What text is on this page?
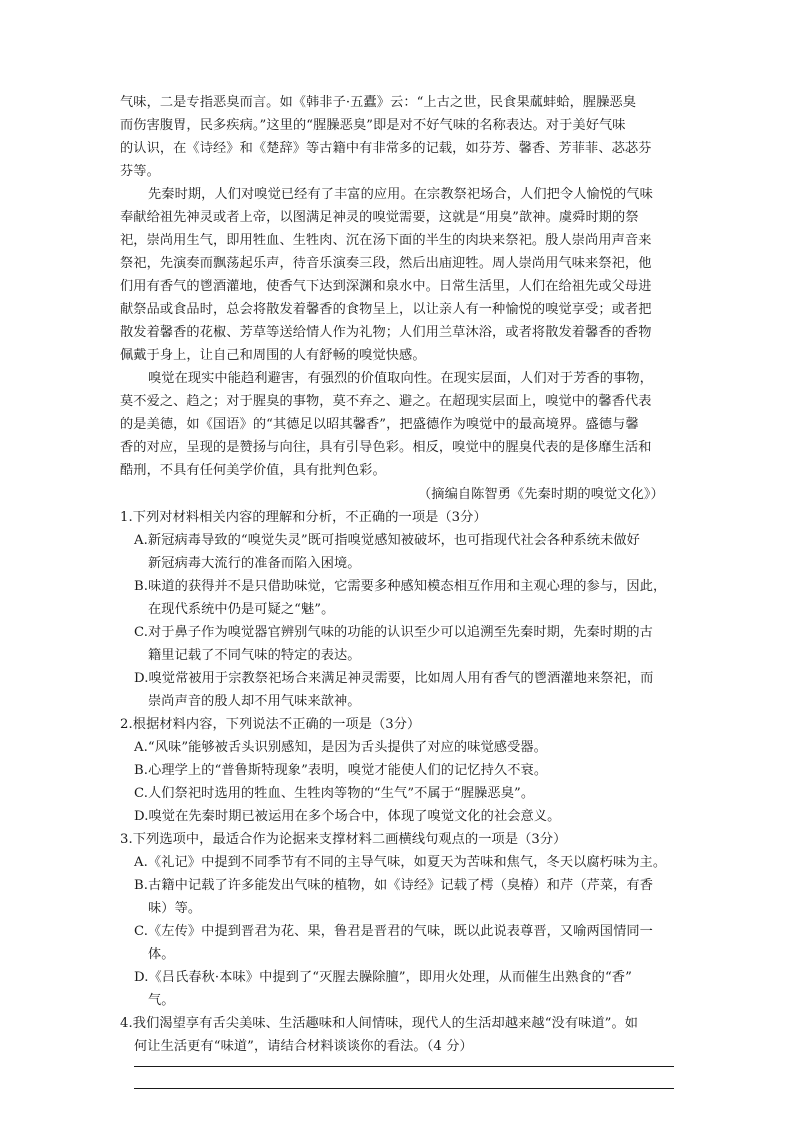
气味，二是专指恶臭而言。如《韩非子·五蠹》云：“上古之世，民食果蓏蚌蛤，腥臊恶臭
而伤害腹胃，民多疾病。”这里的“腥臊恶臭”即是对不好气味的名称表达。对于美好气味
的认识，在《诗经》和《楚辞》等古籍中有非常多的记载，如芬芳、馨香、芳菲菲、苾苾芬
芬等。
先秦时期，人们对嗅觉已经有了丰富的应用。在宗教祭祀场合，人们把令人愉悦的气味
奉献给祖先神灵或者上帝，以图满足神灵的嗅觉需要，这就是“用臭”歆神。虞舜时期的祭
祀，崇尚用生气，即用牲血、生牲肉、沉在汤下面的半生的肉块来祭祀。殷人崇尚用声音来
祭祀，先演奏而飘荡起乐声，待音乐演奏三段，然后出庙迎牲。周人崇尚用气味来祭祀，他
们用有香气的鬯酒灌地，使香气下达到深渊和泉水中。日常生活里，人们在给祖先或父母进
献祭品或食品时，总会将散发着馨香的食物呈上，以让亲人有一种愉悦的嗅觉享受；或者把
散发着馨香的花椒、芳草等送给情人作为礼物；人们用兰草沐浴，或者将散发着馨香的香物
佩戴于身上，让自己和周围的人有舒畅的嗅觉快感。
嗅觉在现实中能趋利避害，有强烈的价值取向性。在现实层面，人们对于芳香的事物，
莫不爱之、趋之；对于腥臭的事物，莫不弃之、避之。在超现实层面上，嗅觉中的馨香代表
的是美德，如《国语》的“其德足以昭其馨香”，把盛德作为嗅觉中的最高境界。盛德与馨
香的对应，呈现的是赞扬与向往，具有引导色彩。相反，嗅觉中的腥臭代表的是侈靡生活和
酷刑，不具有任何美学价值，具有批判色彩。
（摘编自陈智勇《先秦时期的嗅觉文化》）
1.下列对材料相关内容的理解和分析，不正确的一项是（3分）
A.新冠病毒导致的“嗅觉失灵”既可指嗅觉感知被破坏，也可指现代社会各种系统未做好
新冠病毒大流行的准备而陷入困境。
B.味道的获得并不是只借助味觉，它需要多种感知模态相互作用和主观心理的参与，因此，
在现代系统中仍是可疑之“魅”。
C.对于鼻子作为嗅觉器官辨别气味的功能的认识至少可以追溯至先秦时期，先秦时期的古
籍里记载了不同气味的特定的表达。
D.嗅觉常被用于宗教祭祀场合来满足神灵需要，比如周人用有香气的鬯酒灌地来祭祀，而
崇尚声音的殷人却不用气味来歆神。
2.根据材料内容，下列说法不正确的一项是（3分）
A.“风味”能够被舌头识别感知，是因为舌头提供了对应的味觉感受器。
B.心理学上的“普鲁斯特现象”表明，嗅觉才能使人们的记忆持久不衰。
C.人们祭祀时选用的牲血、生牲肉等物的“生气”不属于“腥臊恶臭”。
D.嗅觉在先秦时期已被运用在多个场合中，体现了嗅觉文化的社会意义。
3.下列选项中，最适合作为论据来支撑材料二画横线句观点的一项是（3分）
A.《礼记》中提到不同季节有不同的主导气味，如夏天为苦味和焦气，冬天以腐朽味为主。
B.古籍中记载了许多能发出气味的植物，如《诗经》记载了樗（臭椿）和芹（芹菜，有香
味）等。
C.《左传》中提到晋君为花、果，鲁君是晋君的气味，既以此说表尊晋，又喻两国情同一
体。
D.《吕氏春秋·本味》中提到了“灭腥去臊除膻”，即用火处理，从而催生出熟食的“香”
气。
4.我们渴望享有舌尖美味、生活趣味和人间情味，现代人的生活却越来越“没有味道”。如
何让生活更有“味道”，请结合材料谈谈你的看法。（4 分）
